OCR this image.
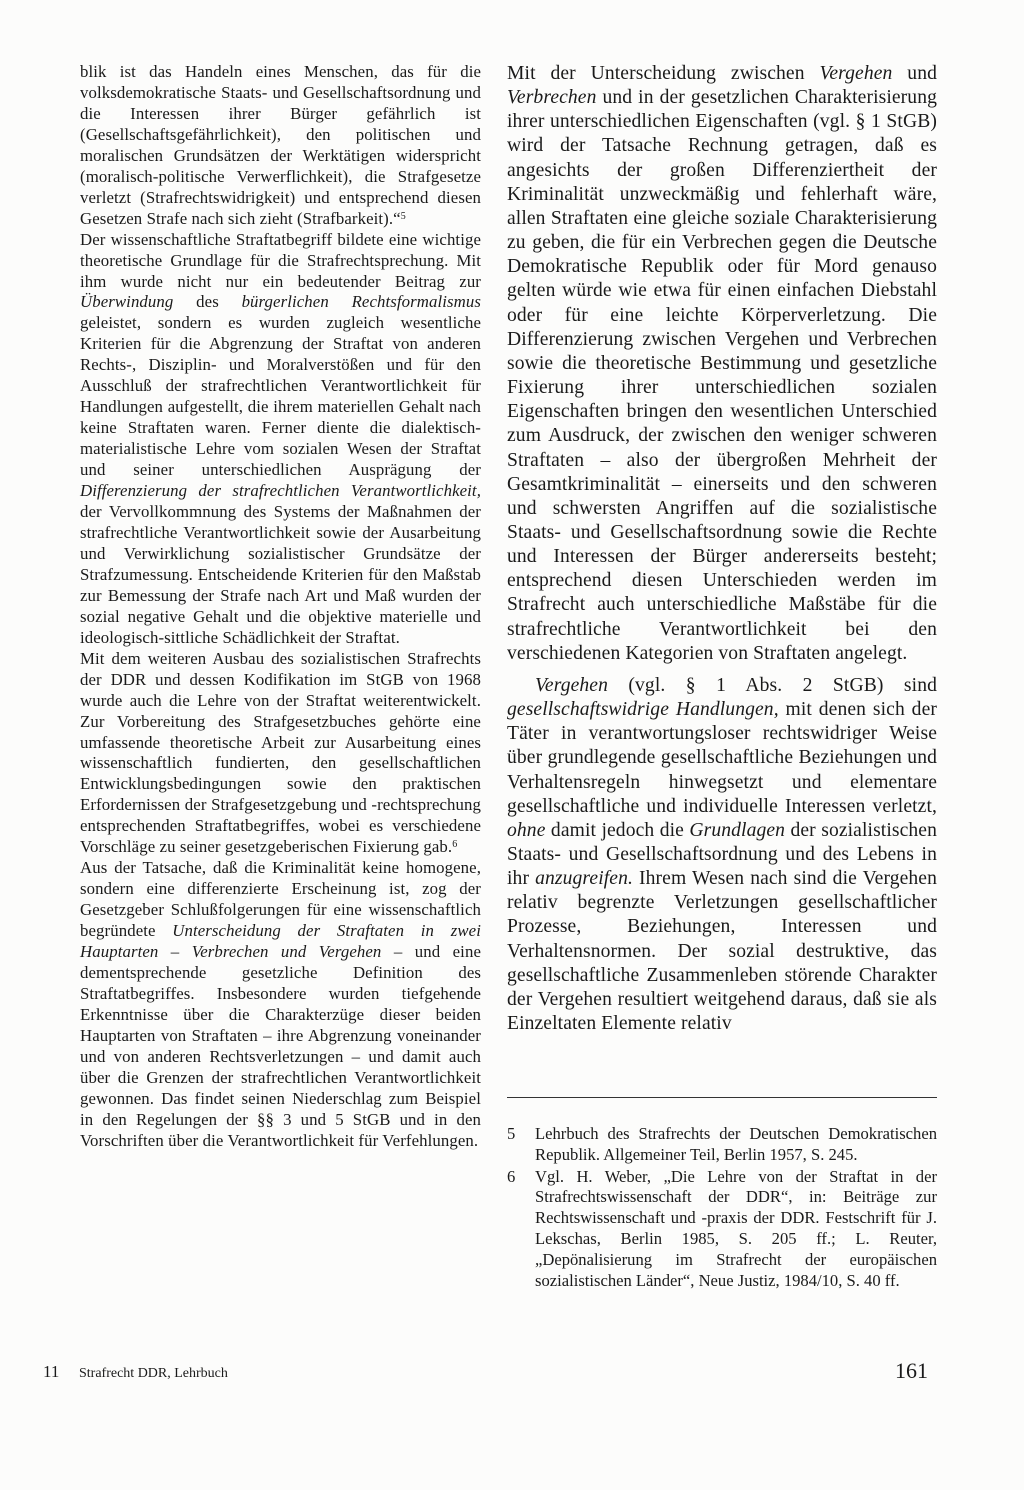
blik ist das Handeln eines Menschen, das für die volksdemokratische Staats- und Gesellschaftsordnung und die Interessen ihrer Bürger gefährlich ist (Gesellschaftsgefährlichkeit), den politischen und moralischen Grundsätzen der Werktätigen widerspricht (moralisch-politische Verwerflichkeit), die Strafgesetze verletzt (Strafrechtswidrigkeit) und entsprechend diesen Gesetzen Strafe nach sich zieht (Strafbarkeit).“$^5$

Der wissenschaftliche Straftatbegriff bildete eine wichtige theoretische Grundlage für die Strafrechtsprechung. Mit ihm wurde nicht nur ein bedeutender Beitrag zur Überwindung des bürgerlichen Rechtsformalismus geleistet, sondern es wurden zugleich wesentliche Kriterien für die Abgrenzung der Straftat von anderen Rechts-, Disziplin- und Moralverstößen und für den Ausschluß der strafrechtlichen Verantwortlichkeit für Handlungen aufgestellt, die ihrem materiellen Gehalt nach keine Straftaten waren. Ferner diente die dialektisch-materialistische Lehre vom sozialen Wesen der Straftat und seiner unterschiedlichen Ausprägung der Differenzierung der strafrechtlichen Verantwortlichkeit, der Vervollkommnung des Systems der Maßnahmen der strafrechtliche Verantwortlichkeit sowie der Ausarbeitung und Verwirklichung sozialistischer Grundsätze der Strafzumessung. Entscheidende Kriterien für den Maßstab zur Bemessung der Strafe nach Art und Maß wurden der sozial negative Gehalt und die objektive materielle und ideologisch-sittliche Schädlichkeit der Straftat.

Mit dem weiteren Ausbau des sozialistischen Strafrechts der DDR und dessen Kodifikation im StGB von 1968 wurde auch die Lehre von der Straftat weiterentwickelt. Zur Vorbereitung des Strafgesetzbuches gehörte eine umfassende theoretische Arbeit zur Ausarbeitung eines wissenschaftlich fundierten, den gesellschaftlichen Entwicklungsbedingungen sowie den praktischen Erfordernissen der Strafgesetzgebung und -rechtsprechung entsprechenden Straftatbegriffes, wobei es verschiedene Vorschläge zu seiner gesetzgeberischen Fixierung gab.$^6$

Aus der Tatsache, daß die Kriminalität keine homogene, sondern eine differenzierte Erscheinung ist, zog der Gesetzgeber Schlußfolgerungen für eine wissenschaftlich begründete Unterscheidung der Straftaten in zwei Hauptarten – Verbrechen und Vergehen – und eine dementsprechende gesetzliche Definition des Straftatbegriffes. Insbesondere wurden tiefgehende Erkenntnisse über die Charakterzüge dieser beiden Hauptarten von Straftaten – ihre Abgrenzung voneinander und von anderen Rechtsverletzungen – und damit auch über die Grenzen der strafrechtlichen Verantwortlichkeit gewonnen. Das findet seinen Niederschlag zum Beispiel in den Regelungen der §§ 3 und 5 StGB und in den Vorschriften über die Verantwortlichkeit für Verfehlungen.

Mit der Unterscheidung zwischen Vergehen und Verbrechen und in der gesetzlichen Charakterisierung ihrer unterschiedlichen Eigenschaften (vgl. § 1 StGB) wird der Tatsache Rechnung getragen, daß es angesichts der großen Differenziertheit der Kriminalität unzweckmäßig und fehlerhaft wäre, allen Straftaten eine gleiche soziale Charakterisierung zu geben, die für ein Verbrechen gegen die Deutsche Demokratische Republik oder für Mord genauso gelten würde wie etwa für einen einfachen Diebstahl oder für eine leichte Körperverletzung. Die Differenzierung zwischen Vergehen und Verbrechen sowie die theoretische Bestimmung und gesetzliche Fixierung ihrer unterschiedlichen sozialen Eigenschaften bringen den wesentlichen Unterschied zum Ausdruck, der zwischen den weniger schweren Straftaten – also der übergroßen Mehrheit der Gesamtkriminalität – einerseits und den schweren und schwersten Angriffen auf die sozialistische Staats- und Gesellschaftsordnung sowie die Rechte und Interessen der Bürger andererseits besteht; entsprechend diesen Unterschieden werden im Strafrecht auch unterschiedliche Maßstäbe für die strafrechtliche Verantwortlichkeit bei den verschiedenen Kategorien von Straftaten angelegt.

Vergehen (vgl. § 1 Abs. 2 StGB) sind gesellschaftswidrige Handlungen, mit denen sich der Täter in verantwortungsloser rechtswidriger Weise über grundlegende gesellschaftliche Beziehungen und Verhaltensregeln hinwegsetzt und elementare gesellschaftliche und individuelle Interessen verletzt, ohne damit jedoch die Grundlagen der sozialistischen Staats- und Gesellschaftsordnung und des Lebens in ihr anzugreifen. Ihrem Wesen nach sind die Vergehen relativ begrenzte Verletzungen gesellschaftlicher Prozesse, Beziehungen, Interessen und Verhaltensnormen. Der sozial destruktive, das gesellschaftliche Zusammenleben störende Charakter der Vergehen resultiert weitgehend daraus, daß sie als Einzeltaten Elemente relativ

5 Lehrbuch des Strafrechts der Deutschen Demokratischen Republik. Allgemeiner Teil, Berlin 1957, S. 245.

6 Vgl. H. Weber, „Die Lehre von der Straftat in der Strafrechtswissenschaft der DDR“, in: Beiträge zur Rechtswissenschaft und -praxis der DDR. Festschrift für J. Lekschas, Berlin 1985, S. 205 ff.; L. Reuter, „Depönalisierung im Strafrecht der europäischen sozialistischen Länder“, Neue Justiz, 1984/10, S. 40 ff.

11 Strafrecht DDR, Lehrbuch	161
